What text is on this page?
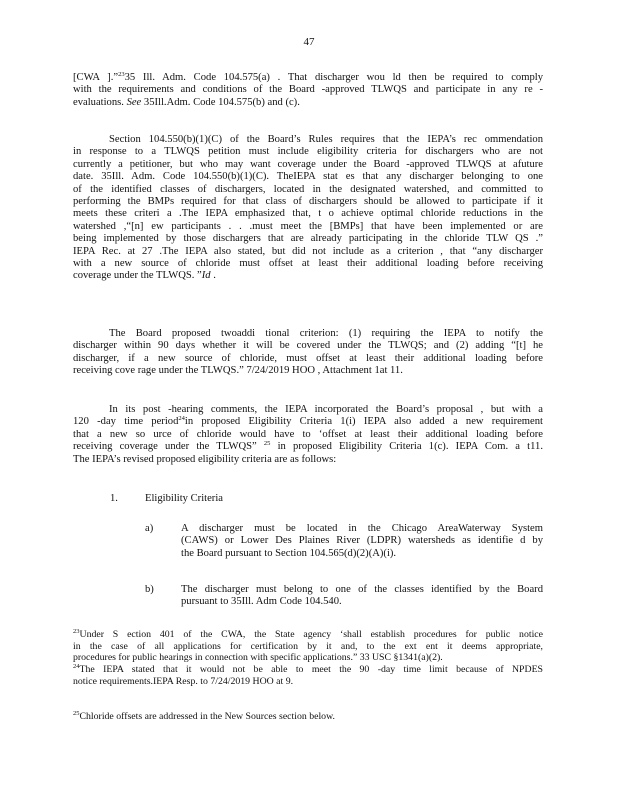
47
[CWA ].”$^{23}$35 Ill. Adm. Code 104.575(a) . That discharger wou ld then be required to comply
with the requirements and conditions of the Board -approved TLWQS and participate in any re -
evaluations. See 35Ill.Adm. Code 104.575(b) and (c).
Section 104.550(b)(1)(C) of the Board’s Rules requires that the IEPA’s rec ommendation
in response to a TLWQS petition must include eligibility criteria for dischargers who are not
currently a petitioner, but who may want coverage under the Board -approved TLWQS at afuture
date. 35Ill. Adm. Code 104.550(b)(1)(C). TheIEPA stat es that any discharger belonging to one
of the identified classes of dischargers, located in the designated watershed, and committed to
performing the BMPs required for that class of dischargers should be allowed to participate if it
meets these criteri a .The IEPA emphasized that, t o achieve optimal chloride reductions in the
watershed ,“[n] ew participants . . .must meet the [BMPs] that have been implemented or are
being implemented by those dischargers that are already participating in the chloride TLW QS .”
IEPA Rec. at 27 .The IEPA also stated, but did not include as a criterion , that “any discharger
with a new source of chloride must offset at least their additional loading before receiving
coverage under the TLWQS. ”Id .
The Board proposed twoaddi tional criterion: (1) requiring the IEPA to notify the
discharger within 90 days whether it will be covered under the TLWQS; and (2) adding “[t] he
discharger, if a new source of chloride, must offset at least their additional loading before
receiving cove rage under the TLWQS.” 7/24/2019 HOO , Attachment 1at 11.
In its post -hearing comments, the IEPA incorporated the Board’s proposal , but with a
120 -day time period$^{24}$in proposed Eligibility Criteria 1(i) IEPA also added a new requirement
that a new so urce of chloride would have to ‘offset at least their additional loading before
receiving coverage under the TLWQS” $^{25}$ in proposed Eligibility Criteria 1(c). IEPA Com. a t11.
The IEPA’s revised proposed eligibility criteria are as follows:
1.	Eligibility Criteria
a)	A discharger must be located in the Chicago AreaWaterway System
(CAWS) or Lower Des Plaines River (LDPR) watersheds as identifie d by
the Board pursuant to Section 104.565(d)(2)(A)(i).
b)	The discharger must belong to one of the classes identified by the Board
pursuant to 35Ill. Adm Code 104.540.
$^{23}$Under S ection 401 of the CWA, the State agency ‘shall establish procedures for public notice
in the case of all applications for certification by it and, to the ext ent it deems appropriate,
procedures for public hearings in connection with specific applications.” 33 USC §1341(a)(2).
$^{24}$The IEPA stated that it would not be able to meet the 90 -day time limit because of NPDES
notice requirements.IEPA Resp. to 7/24/2019 HOO at 9.
$^{25}$Chloride offsets are addressed in the New Sources section below.
